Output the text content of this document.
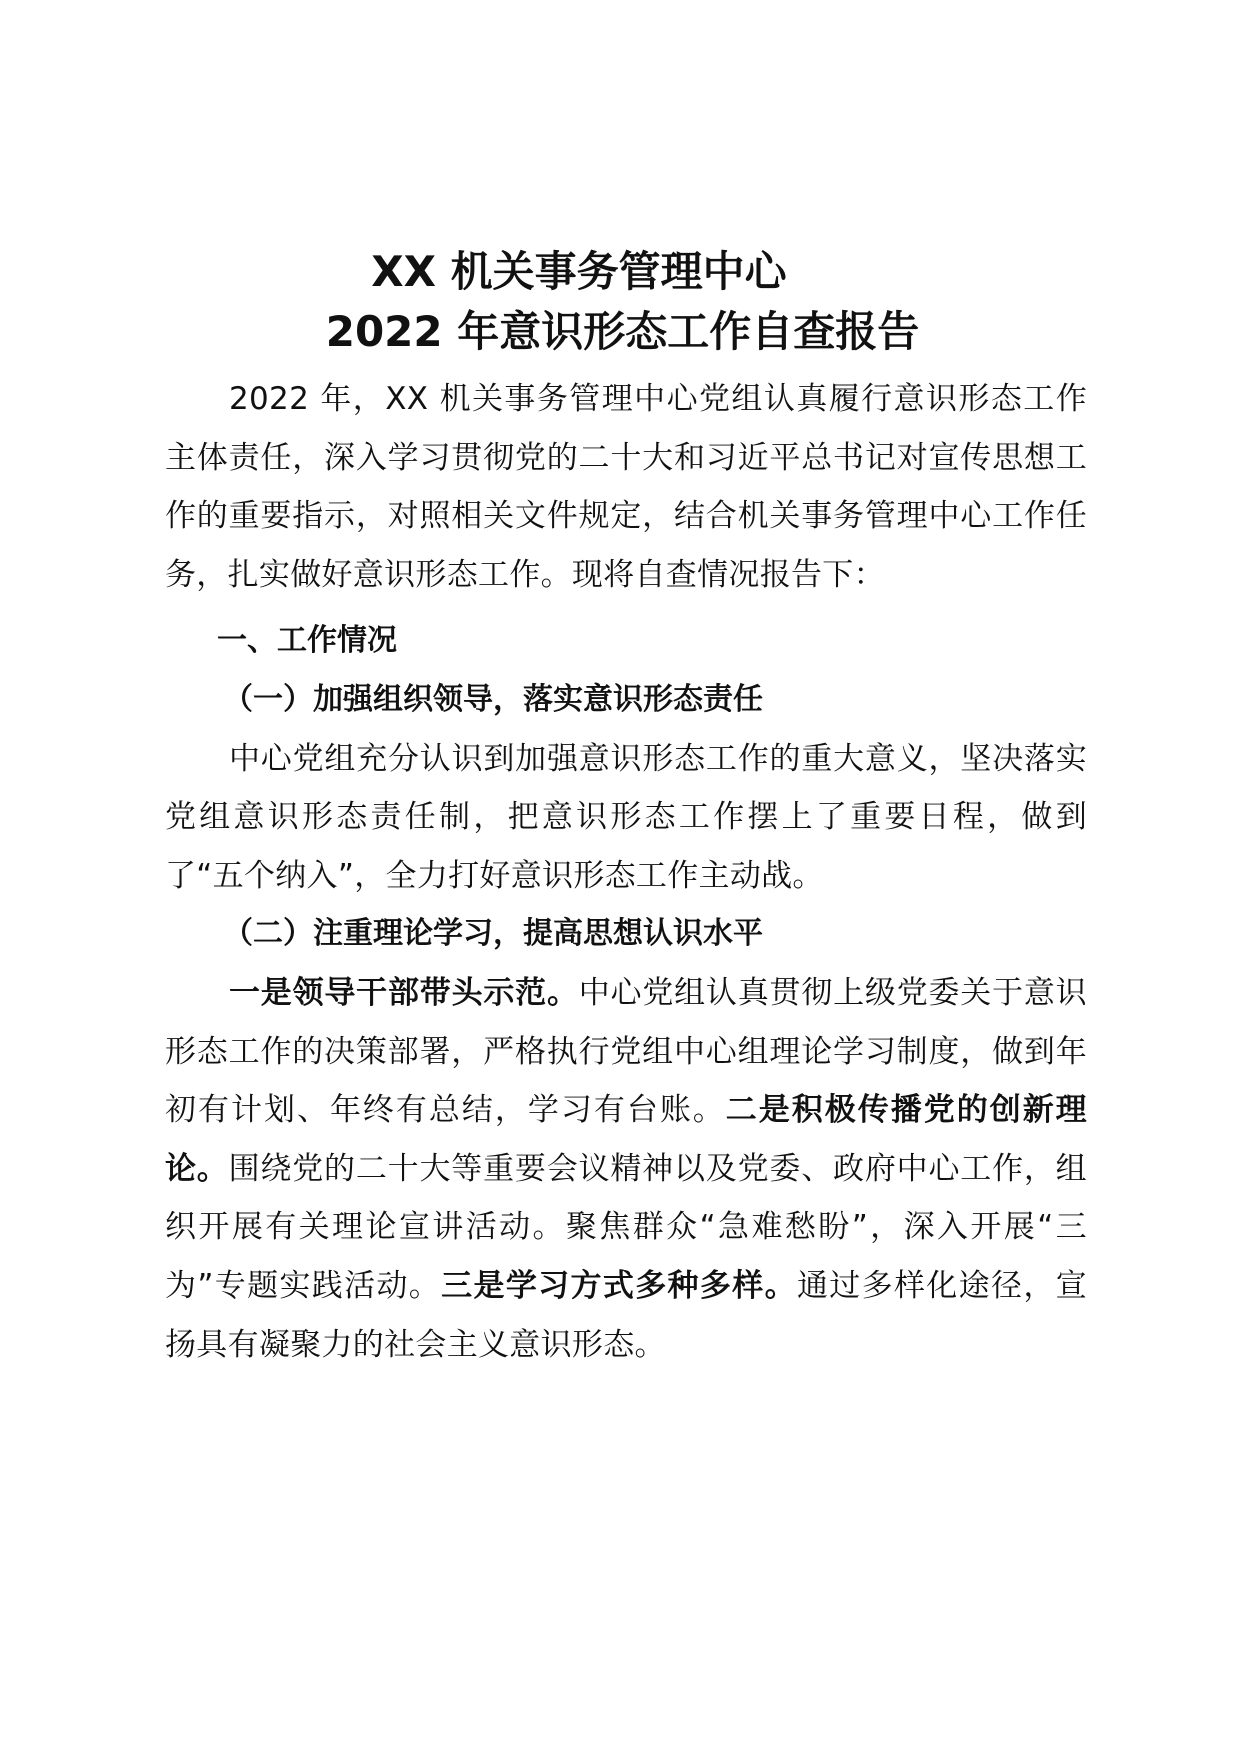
XX 机关事务管理中心
2022 年意识形态工作自查报告

2022 年，XX 机关事务管理中心党组认真履行意识形态工作主体责任，深入学习贯彻党的二十大和习近平总书记对宣传思想工作的重要指示，对照相关文件规定，结合机关事务管理中心工作任务，扎实做好意识形态工作。现将自查情况报告下：

一、工作情况

（一）加强组织领导，落实意识形态责任

中心党组充分认识到加强意识形态工作的重大意义，坚决落实党组意识形态责任制，把意识形态工作摆上了重要日程，做到了“五个纳入”，全力打好意识形态工作主动战。

（二）注重理论学习，提高思想认识水平

一是领导干部带头示范。中心党组认真贯彻上级党委关于意识形态工作的决策部署，严格执行党组中心组理论学习制度，做到年初有计划、年终有总结，学习有台账。二是积极传播党的创新理论。围绕党的二十大等重要会议精神以及党委、政府中心工作，组织开展有关理论宣讲活动。聚焦群众“急难愁盼”，深入开展“三为”专题实践活动。三是学习方式多种多样。通过多样化途径，宣扬具有凝聚力的社会主义意识形态。
